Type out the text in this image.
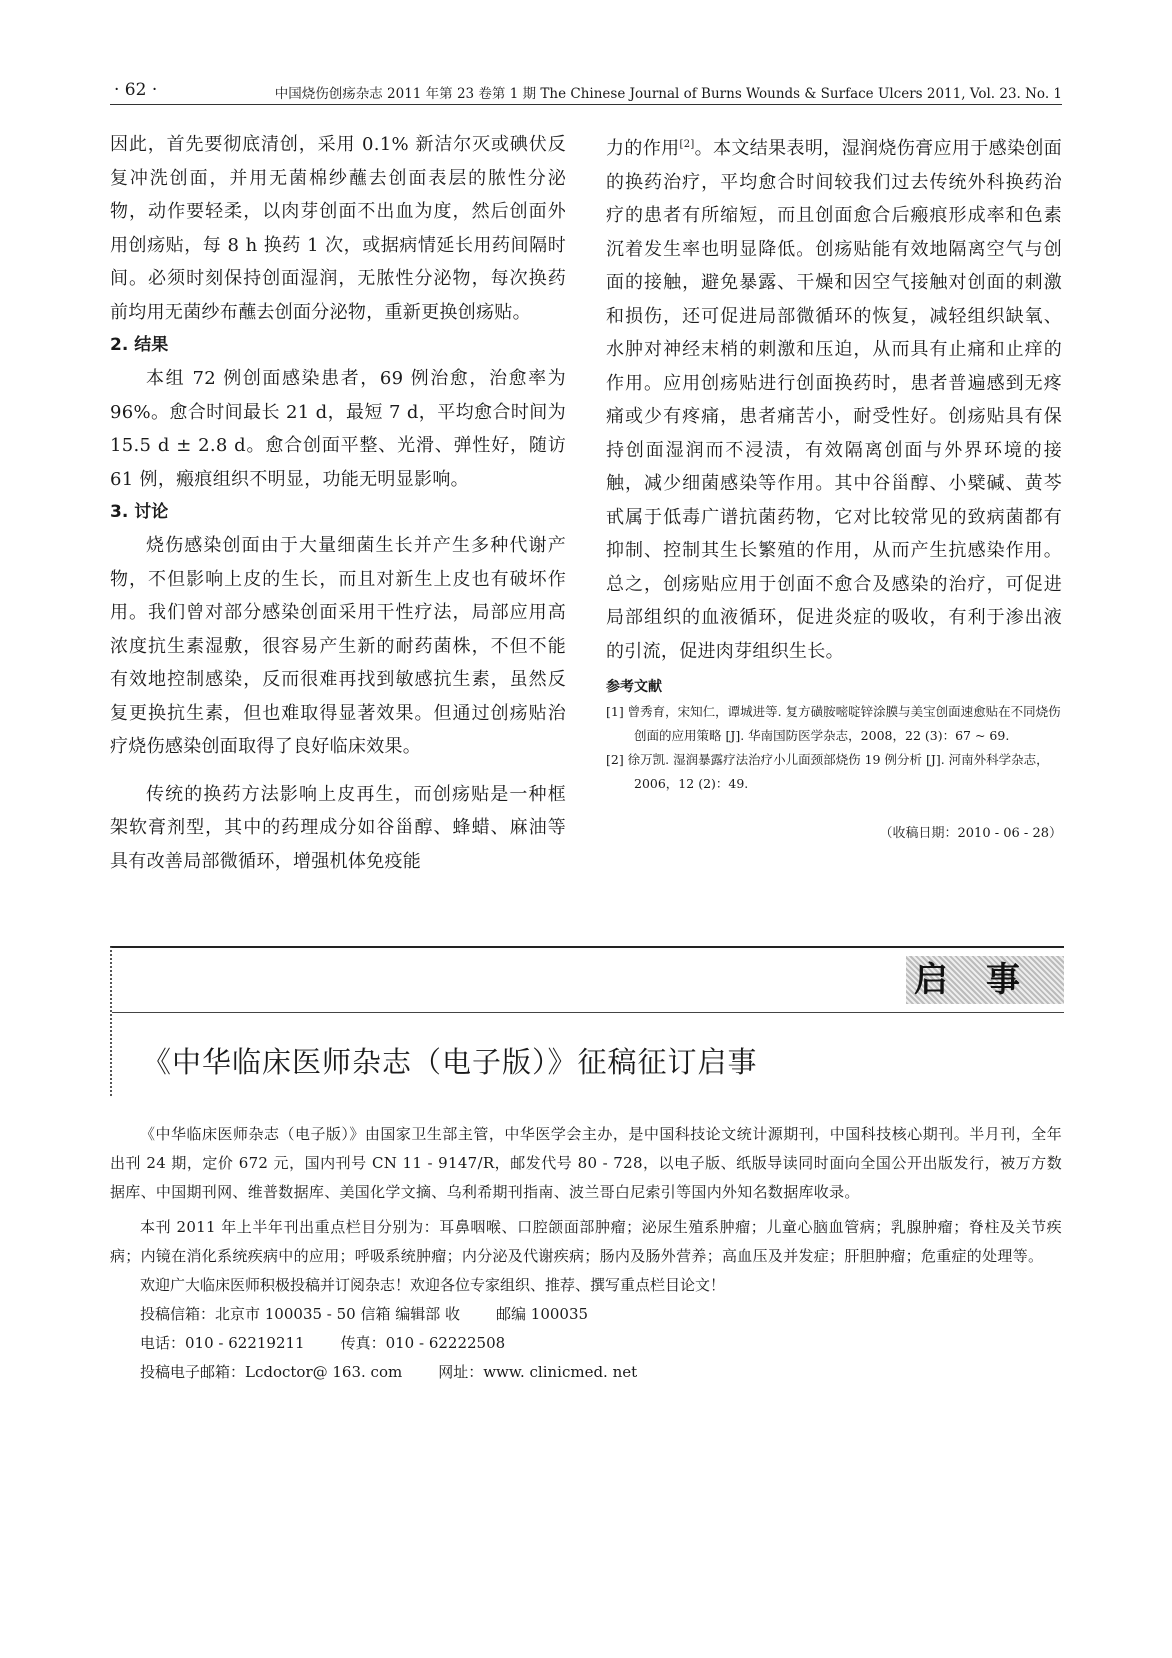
· 62 ·	中国烧伤创疡杂志 2011 年第 23 卷第 1 期 The Chinese Journal of Burns Wounds & Surface Ulcers 2011, Vol. 23. No. 1

因此，首先要彻底清创，采用 0.1% 新洁尔灭或碘伏反复冲洗创面，并用无菌棉纱蘸去创面表层的脓性分泌物，动作要轻柔，以肉芽创面不出血为度，然后创面外用创疡贴，每 8 h 换药 1 次，或据病情延长用药间隔时间。必须时刻保持创面湿润，无脓性分泌物，每次换药前均用无菌纱布蘸去创面分泌物，重新更换创疡贴。

2. 结果

本组 72 例创面感染患者，69 例治愈，治愈率为 96%。愈合时间最长 21 d，最短 7 d，平均愈合时间为 15.5 d ± 2.8 d。愈合创面平整、光滑、弹性好，随访 61 例，瘢痕组织不明显，功能无明显影响。

3. 讨论

烧伤感染创面由于大量细菌生长并产生多种代谢产物，不但影响上皮的生长，而且对新生上皮也有破坏作用。我们曾对部分感染创面采用干性疗法，局部应用高浓度抗生素湿敷，很容易产生新的耐药菌株，不但不能有效地控制感染，反而很难再找到敏感抗生素，虽然反复更换抗生素，但也难取得显著效果。但通过创疡贴治疗烧伤感染创面取得了良好临床效果。

传统的换药方法影响上皮再生，而创疡贴是一种框架软膏剂型，其中的药理成分如谷甾醇、蜂蜡、麻油等具有改善局部微循环，增强机体免疫能

力的作用[2]。本文结果表明，湿润烧伤膏应用于感染创面的换药治疗，平均愈合时间较我们过去传统外科换药治疗的患者有所缩短，而且创面愈合后瘢痕形成率和色素沉着发生率也明显降低。创疡贴能有效地隔离空气与创面的接触，避免暴露、干燥和因空气接触对创面的刺激和损伤，还可促进局部微循环的恢复，减轻组织缺氧、水肿对神经末梢的刺激和压迫，从而具有止痛和止痒的作用。应用创疡贴进行创面换药时，患者普遍感到无疼痛或少有疼痛，患者痛苦小，耐受性好。创疡贴具有保持创面湿润而不浸渍，有效隔离创面与外界环境的接触，减少细菌感染等作用。其中谷甾醇、小檗碱、黄芩甙属于低毒广谱抗菌药物，它对比较常见的致病菌都有抑制、控制其生长繁殖的作用，从而产生抗感染作用。总之，创疡贴应用于创面不愈合及感染的治疗，可促进局部组织的血液循环，促进炎症的吸收，有利于渗出液的引流，促进肉芽组织生长。

参考文献
[1] 曾秀育，宋知仁，谭城进等. 复方磺胺嘧啶锌涂膜与美宝创面速愈贴在不同烧伤创面的应用策略 [J]. 华南国防医学杂志，2008，22 (3)：67 ~ 69.
[2] 徐万凯. 湿润暴露疗法治疗小儿面颈部烧伤 19 例分析 [J]. 河南外科学杂志，2006，12 (2)：49.
（收稿日期：2010 - 06 - 28）
启事
《中华临床医师杂志（电子版）》征稿征订启事

《中华临床医师杂志（电子版）》由国家卫生部主管，中华医学会主办，是中国科技论文统计源期刊，中国科技核心期刊。半月刊，全年出刊 24 期，定价 672 元，国内刊号 CN 11 - 9147/R，邮发代号 80 - 728，以电子版、纸版导读同时面向全国公开出版发行，被万方数据库、中国期刊网、维普数据库、美国化学文摘、乌利希期刊指南、波兰哥白尼索引等国内外知名数据库收录。

本刊 2011 年上半年刊出重点栏目分别为：耳鼻咽喉、口腔颌面部肿瘤；泌尿生殖系肿瘤；儿童心脑血管病；乳腺肿瘤；脊柱及关节疾病；内镜在消化系统疾病中的应用；呼吸系统肿瘤；内分泌及代谢疾病；肠内及肠外营养；高血压及并发症；肝胆肿瘤；危重症的处理等。

欢迎广大临床医师积极投稿并订阅杂志！欢迎各位专家组织、推荐、撰写重点栏目论文！
投稿信箱：北京市 100035 - 50 信箱 编辑部 收 邮编 100035
电话：010 - 62219211 传真：010 - 62222508
投稿电子邮箱：Lcdoctor@ 163. com 网址：www. clinicmed. net
